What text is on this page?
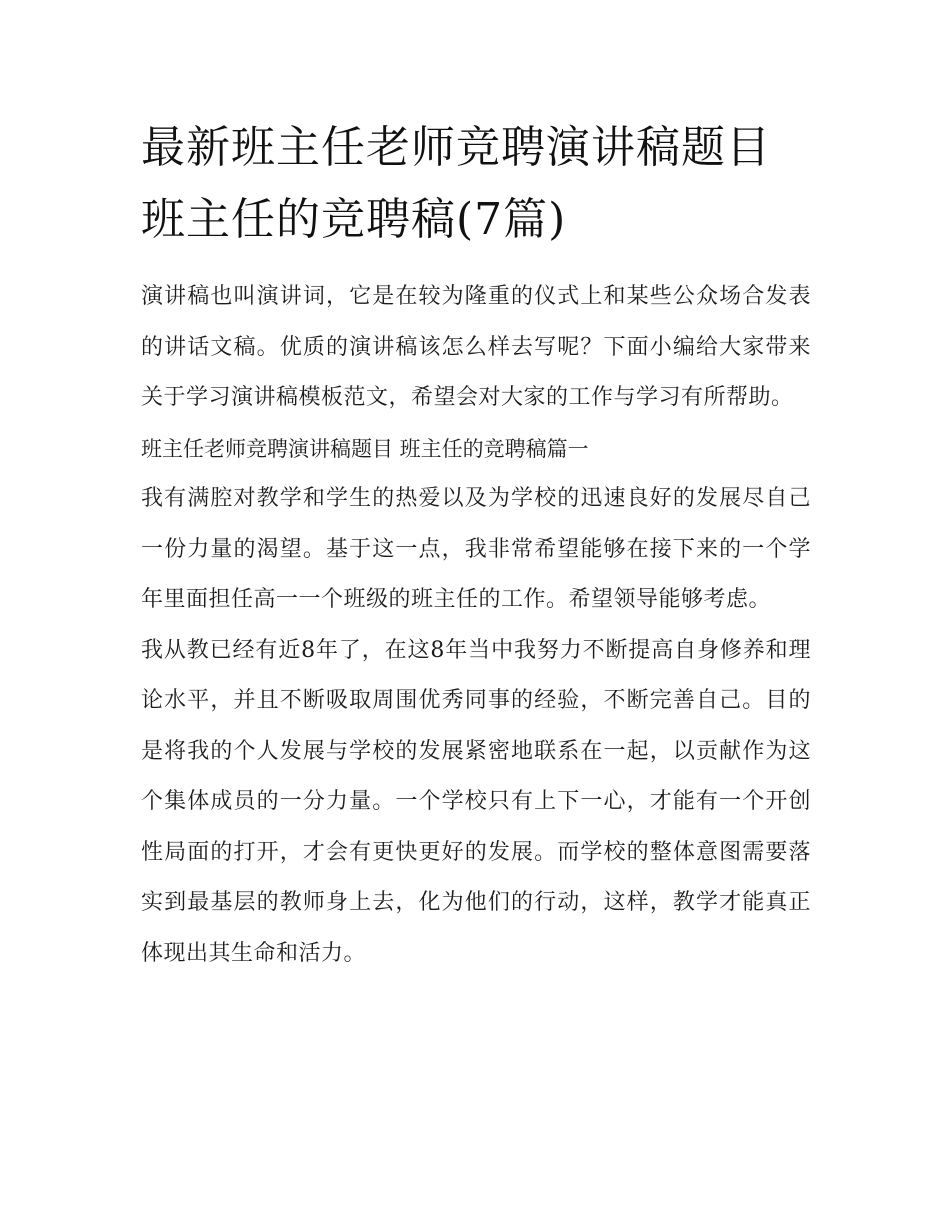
最新班主任老师竞聘演讲稿题目 班主任的竞聘稿(7篇)

演讲稿也叫演讲词，它是在较为隆重的仪式上和某些公众场合发表的讲话文稿。优质的演讲稿该怎么样去写呢？下面小编给大家带来关于学习演讲稿模板范文，希望会对大家的工作与学习有所帮助。

班主任老师竞聘演讲稿题目 班主任的竞聘稿篇一

我有满腔对教学和学生的热爱以及为学校的迅速良好的发展尽自己一份力量的渴望。基于这一点，我非常希望能够在接下来的一个学年里面担任高一一个班级的班主任的工作。希望领导能够考虑。

我从教已经有近8年了，在这8年当中我努力不断提高自身修养和理论水平，并且不断吸取周围优秀同事的经验，不断完善自己。目的是将我的个人发展与学校的发展紧密地联系在一起，以贡献作为这个集体成员的一分力量。一个学校只有上下一心，才能有一个开创性局面的打开，才会有更快更好的发展。而学校的整体意图需要落实到最基层的教师身上去，化为他们的行动，这样，教学才能真正体现出其生命和活力。
